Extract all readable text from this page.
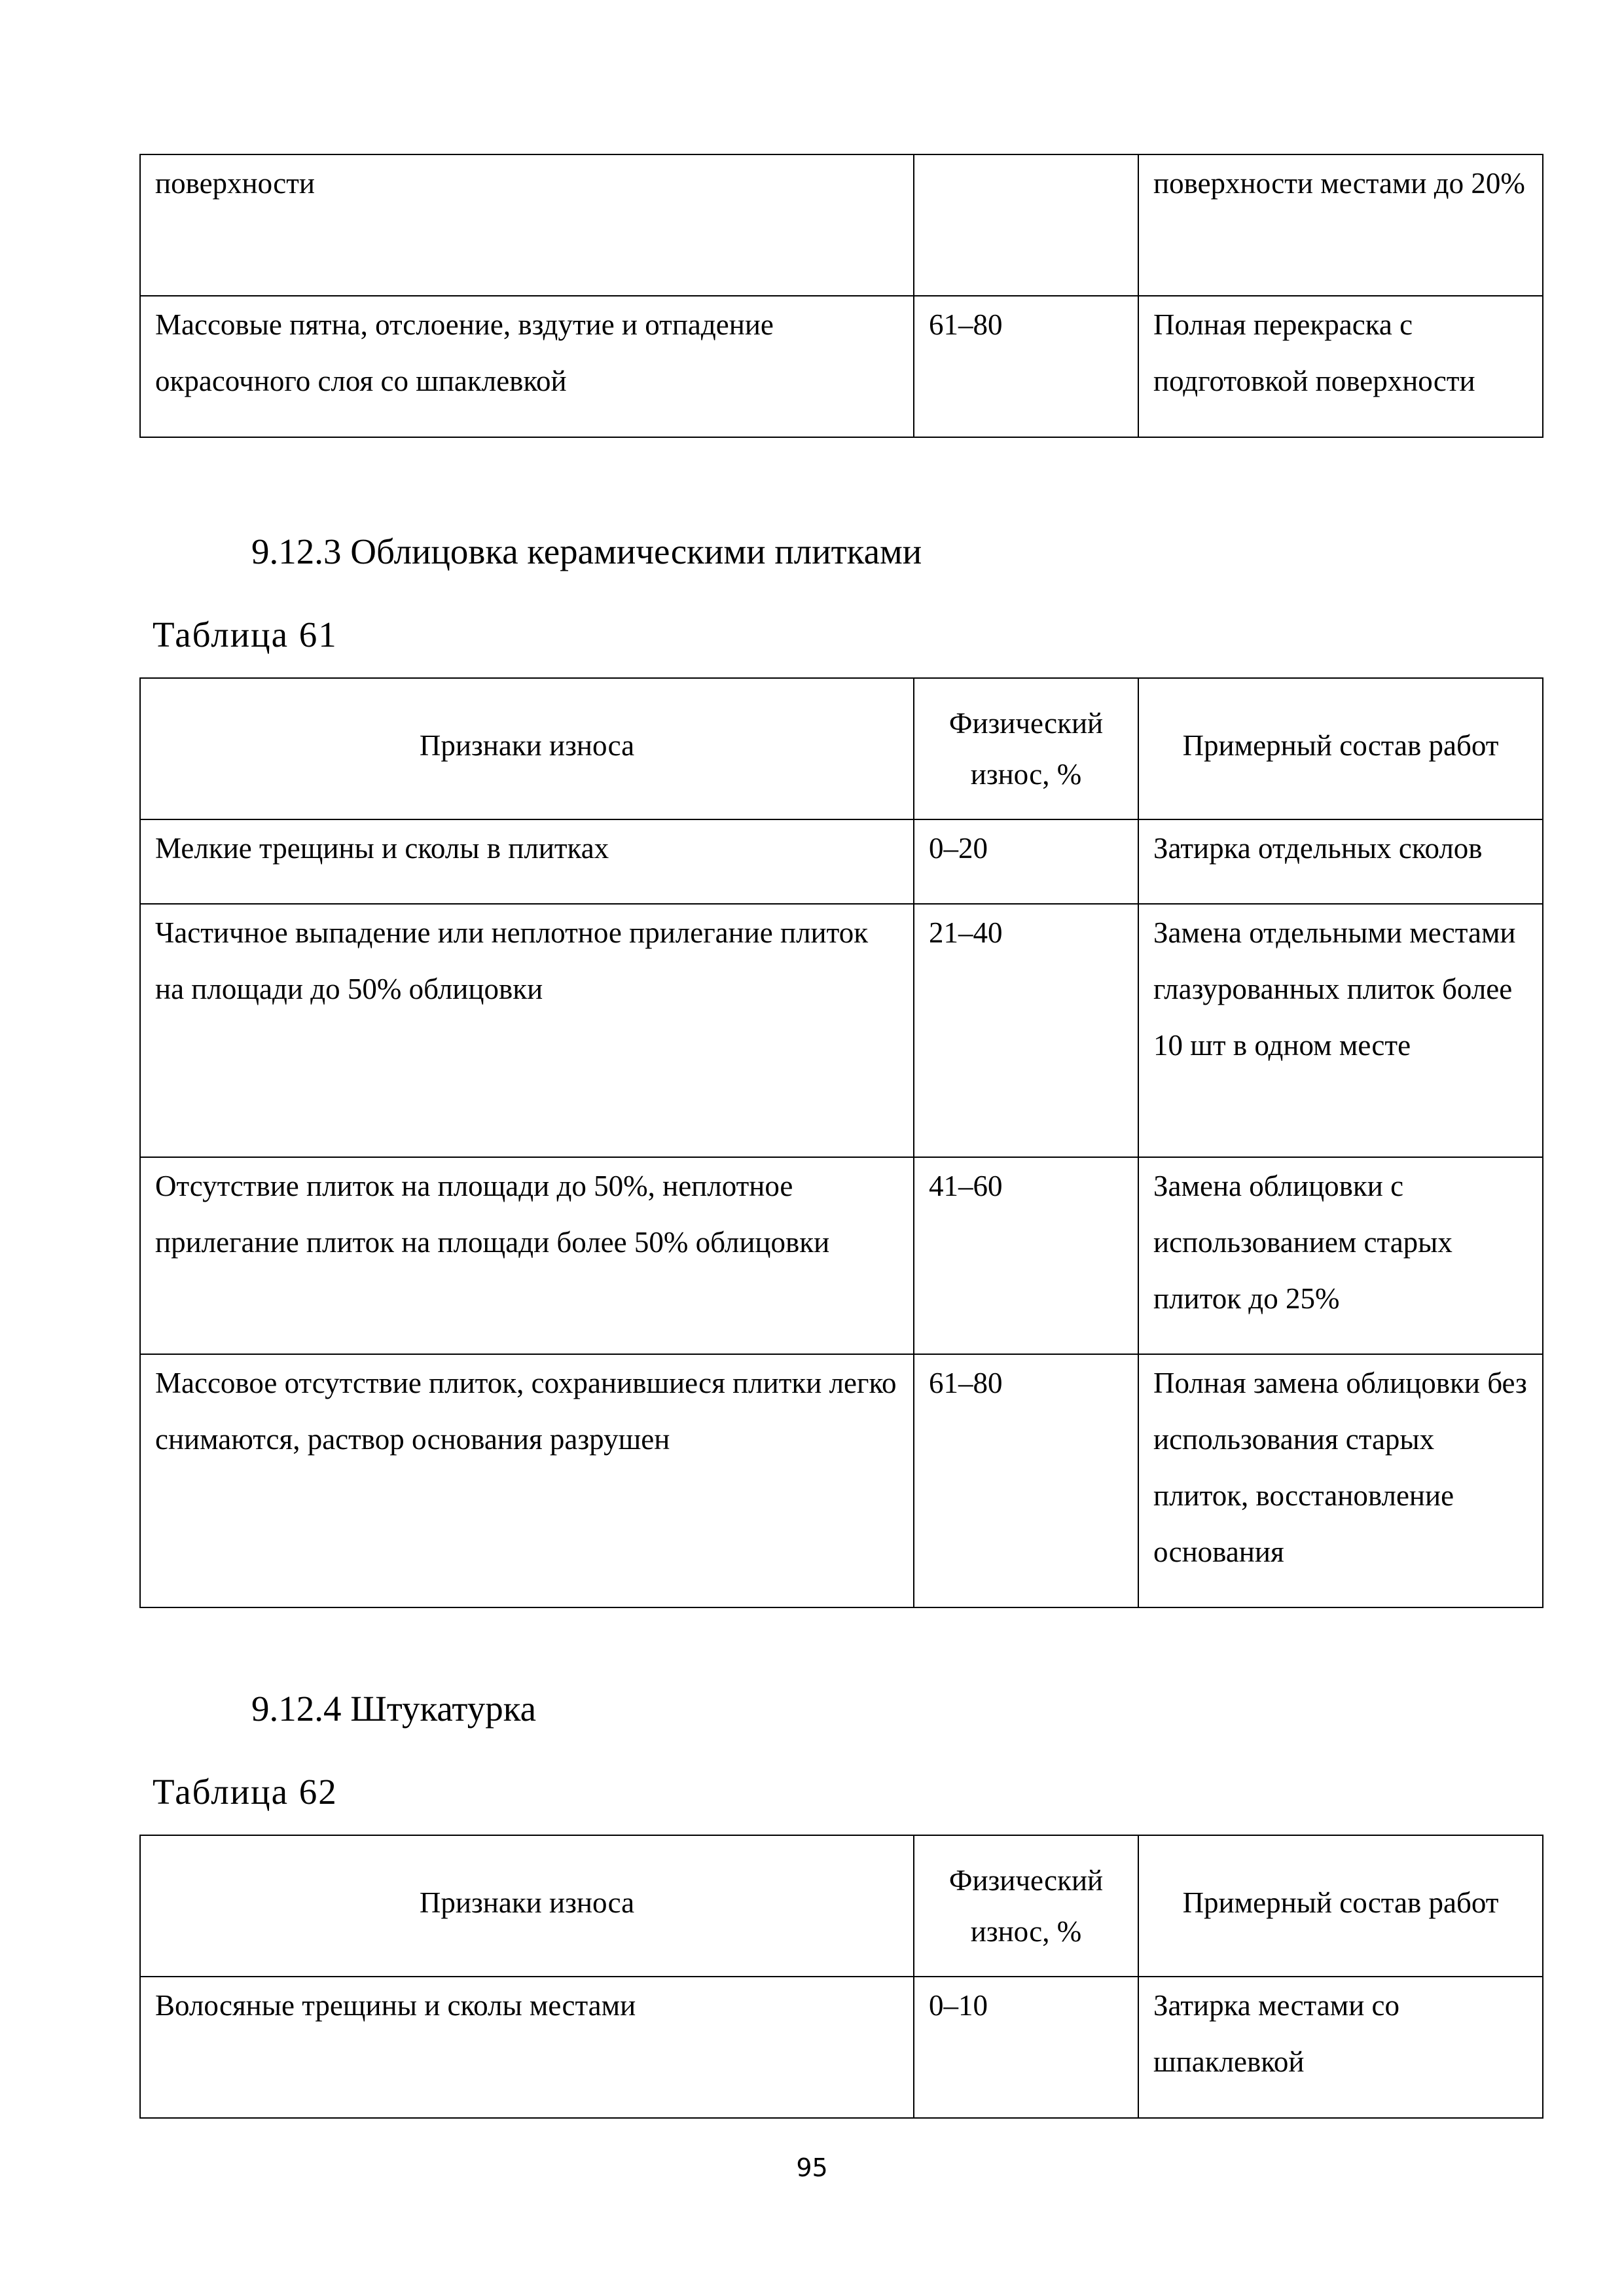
поверхности		поверхности местами до 20%
Массовые пятна, отслоение, вздутие и отпадение окрасочного слоя со шпаклевкой	61–80	Полная перекраска с подготовкой поверхности
9.12.3 Облицовка керамическими плитками
Таблица 61
Признаки износа	Физический износ, %	Примерный состав работ
Мелкие трещины и сколы в плитках	0–20	Затирка отдельных сколов
Частичное выпадение или неплотное прилегание плиток на площади до 50% облицовки	21–40	Замена отдельными местами глазурованных плиток более 10 шт в одном месте
Отсутствие плиток на площади до 50%, неплотное прилегание плиток на площади более 50% облицовки	41–60	Замена облицовки с использованием старых плиток до 25%
Массовое отсутствие плиток, сохранившиеся плитки легко снимаются, раствор основания разрушен	61–80	Полная замена облицовки без использования старых плиток, восстановление основания
9.12.4 Штукатурка
Таблица 62
Признаки износа	Физический износ, %	Примерный состав работ
Волосяные трещины и сколы местами	0–10	Затирка местами со шпаклевкой
95
